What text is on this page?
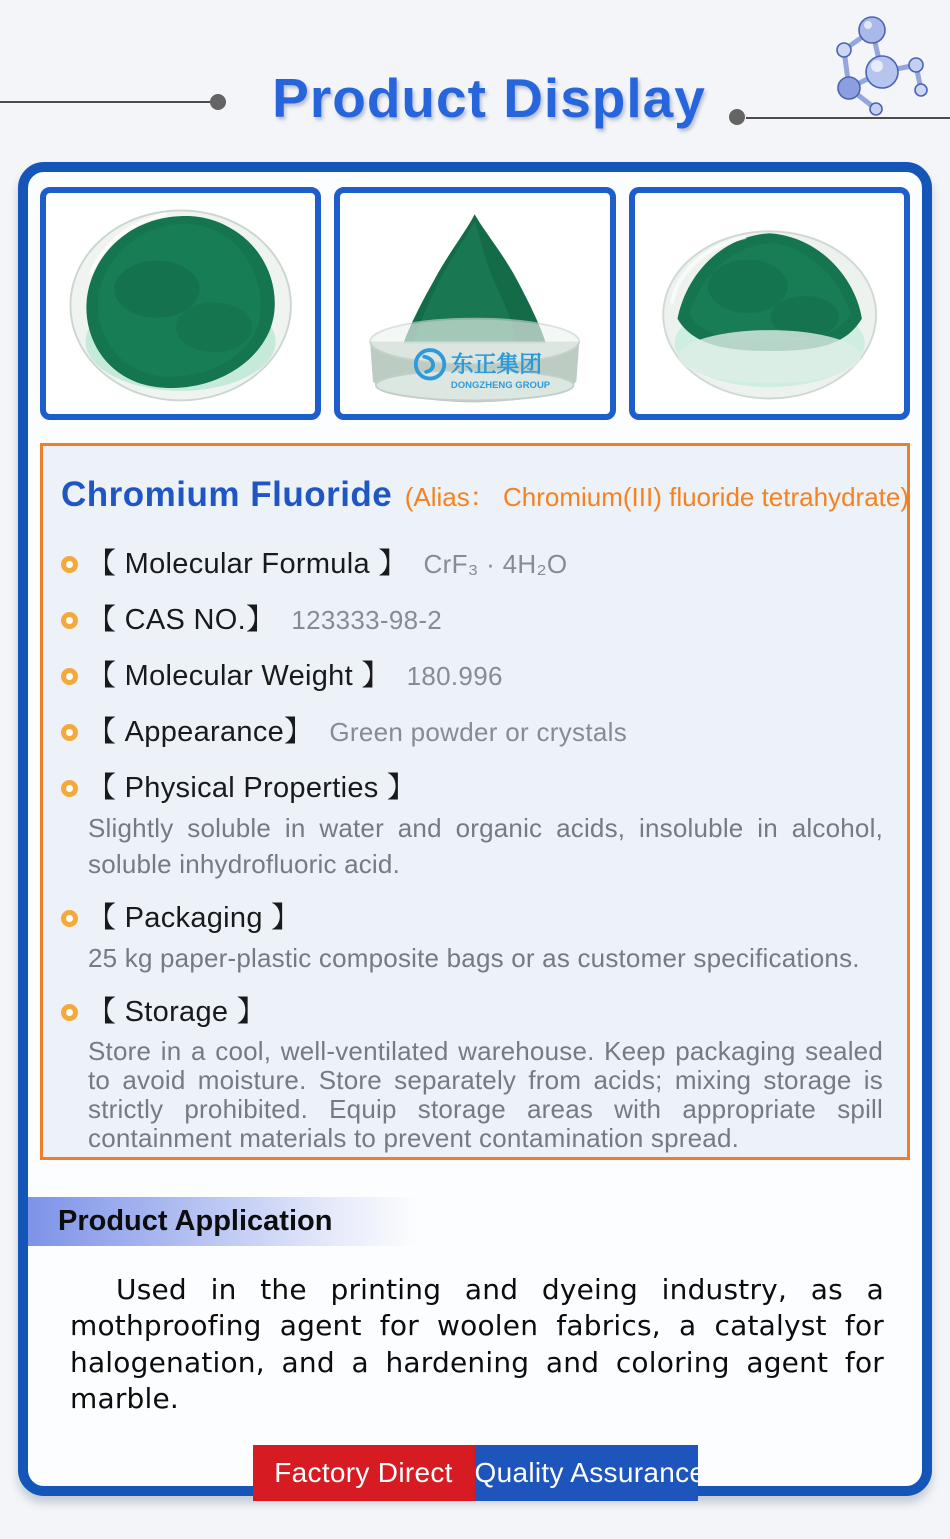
Product Display
东正集团
DONGZHENG GROUP
Chromium Fluoride (Alias： Chromium(III) fluoride tetrahydrate)
【 Molecular Formula 】 CrF₃ · 4H₂O
【 CAS NO.】 123333-98-2
【 Molecular Weight 】 180.996
【 Appearance】 Green powder or crystals
【 Physical Properties 】
Slightly soluble in water and organic acids, insoluble in alcohol, soluble inhydrofluoric acid.
【 Packaging 】
25 kg paper-plastic composite bags or as customer specifications.
【 Storage 】
Store in a cool, well-ventilated warehouse. Keep packaging sealed to avoid moisture. Store separately from acids; mixing storage is strictly prohibited. Equip storage areas with appropriate spill containment materials to prevent contamination spread.
Product Application
Used in the printing and dyeing industry, as a mothproofing agent for woolen fabrics, a catalyst for halogenation, and a hardening and coloring agent for marble.
Factory Direct Quality Assurance
